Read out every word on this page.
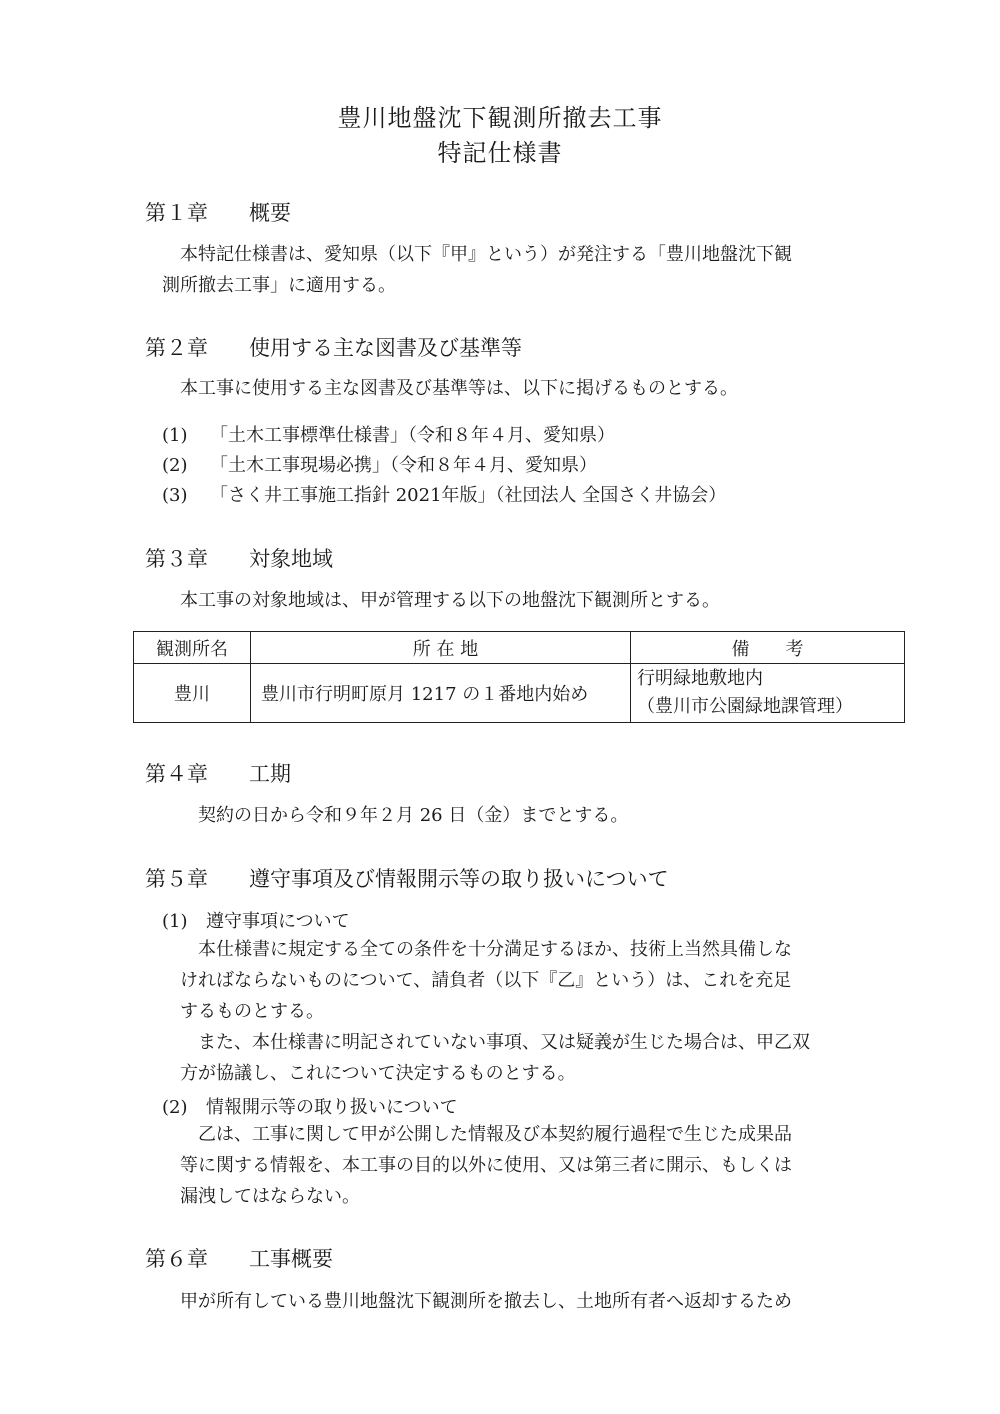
豊川地盤沈下観測所撤去工事
特記仕様書
第１章 概要
本特記仕様書は、愛知県（以下『甲』という）が発注する「豊川地盤沈下観
測所撤去工事」に適用する。
第２章 使用する主な図書及び基準等
本工事に使用する主な図書及び基準等は、以下に掲げるものとする。
(1) 「土木工事標準仕様書」（令和８年４月、愛知県）
(2) 「土木工事現場必携」（令和８年４月、愛知県）
(3) 「さく井工事施工指針 2021年版」（社団法人 全国さく井協会）
第３章 対象地域
本工事の対象地域は、甲が管理する以下の地盤沈下観測所とする。
観測所名	所 在 地	備　　考
豊川	豊川市行明町原月 1217 の１番地内始め	行明緑地敷地内
（豊川市公園緑地課管理）
第４章 工期
契約の日から令和９年２月 26 日（金）までとする。
第５章 遵守事項及び情報開示等の取り扱いについて
(1) 遵守事項について
本仕様書に規定する全ての条件を十分満足するほか、技術上当然具備しな
ければならないものについて、請負者（以下『乙』という）は、これを充足
するものとする。
また、本仕様書に明記されていない事項、又は疑義が生じた場合は、甲乙双
方が協議し、これについて決定するものとする。
(2) 情報開示等の取り扱いについて
乙は、工事に関して甲が公開した情報及び本契約履行過程で生じた成果品
等に関する情報を、本工事の目的以外に使用、又は第三者に開示、もしくは
漏洩してはならない。
第６章 工事概要
甲が所有している豊川地盤沈下観測所を撤去し、土地所有者へ返却するため
